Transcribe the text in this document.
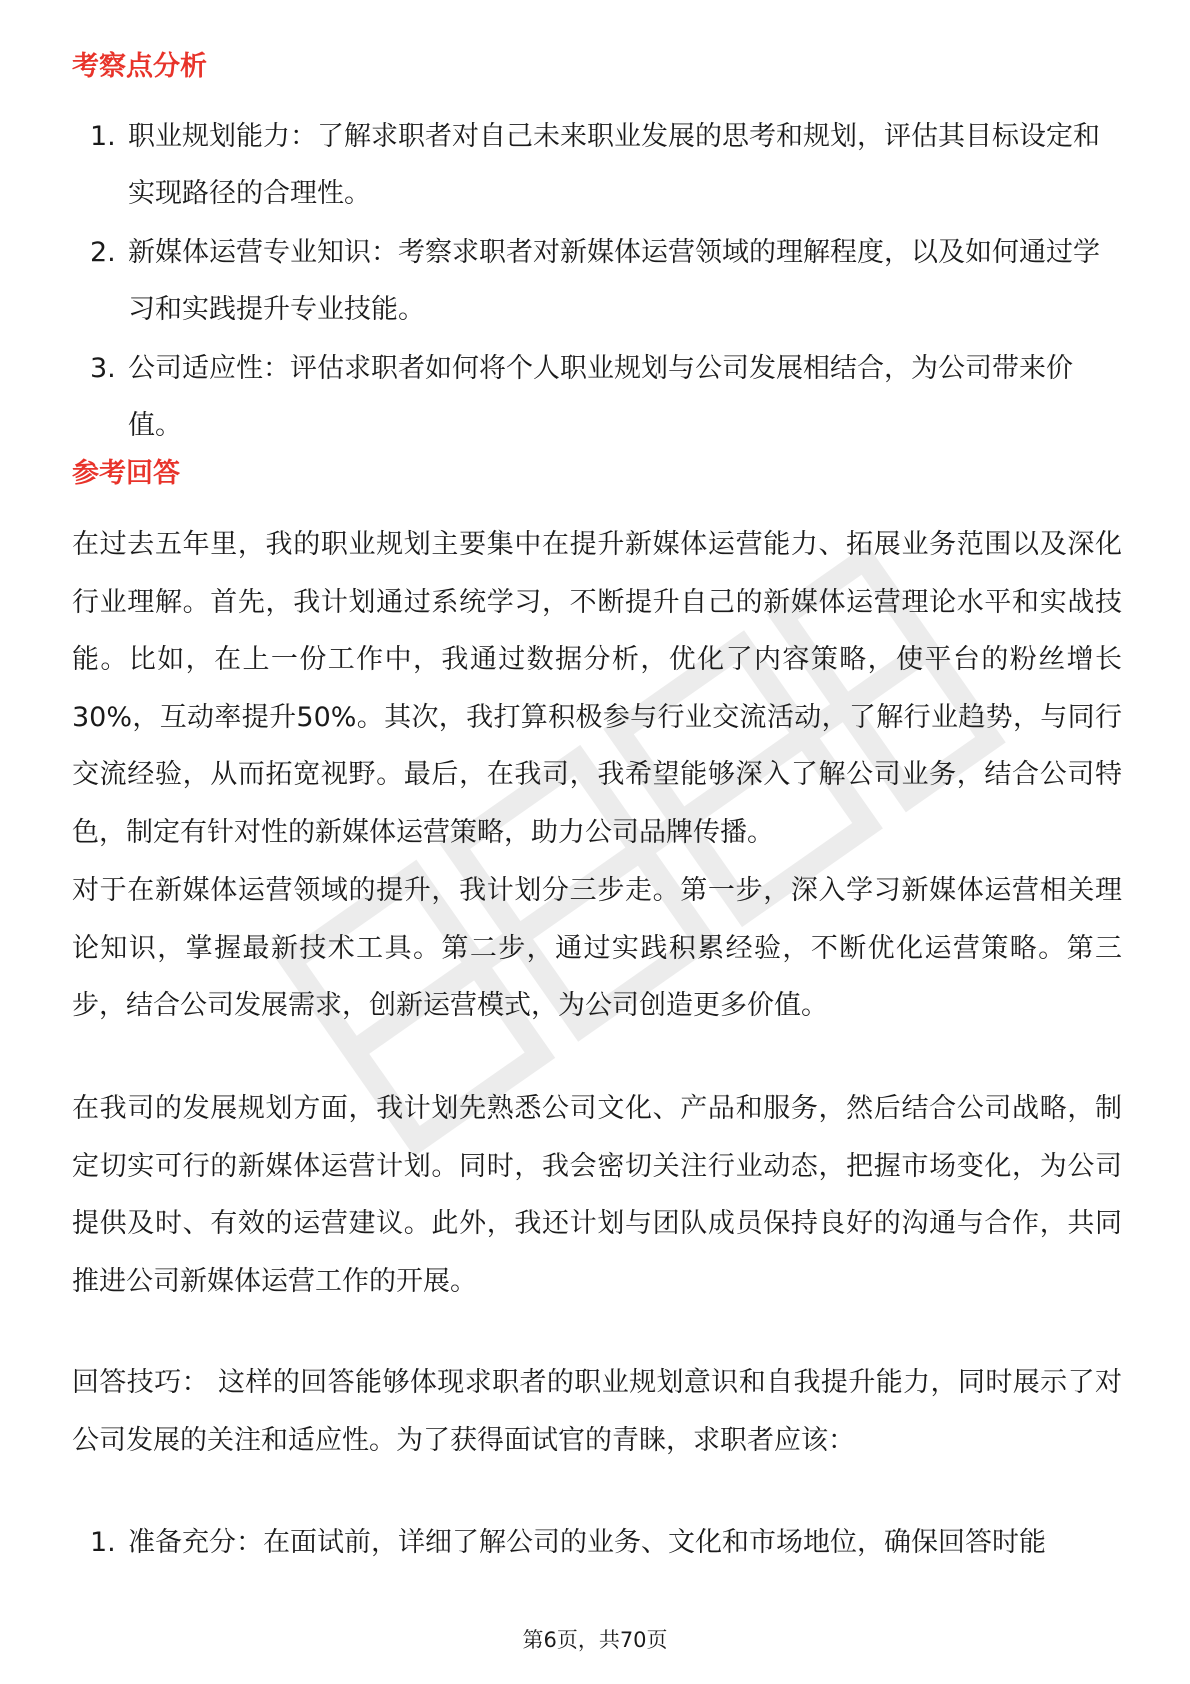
考察点分析
1. 职业规划能力：了解求职者对自己未来职业发展的思考和规划，评估其目标设定和实现路径的合理性。
2. 新媒体运营专业知识：考察求职者对新媒体运营领域的理解程度，以及如何通过学习和实践提升专业技能。
3. 公司适应性：评估求职者如何将个人职业规划与公司发展相结合，为公司带来价值。
参考回答

在过去五年里，我的职业规划主要集中在提升新媒体运营能力、拓展业务范围以及深化行业理解。首先，我计划通过系统学习，不断提升自己的新媒体运营理论水平和实战技能。比如，在上一份工作中，我通过数据分析，优化了内容策略，使平台的粉丝增长30%，互动率提升50%。其次，我打算积极参与行业交流活动，了解行业趋势，与同行交流经验，从而拓宽视野。最后，在我司，我希望能够深入了解公司业务，结合公司特色，制定有针对性的新媒体运营策略，助力公司品牌传播。

对于在新媒体运营领域的提升，我计划分三步走。第一步，深入学习新媒体运营相关理论知识，掌握最新技术工具。第二步，通过实践积累经验，不断优化运营策略。第三步，结合公司发展需求，创新运营模式，为公司创造更多价值。

在我司的发展规划方面，我计划先熟悉公司文化、产品和服务，然后结合公司战略，制定切实可行的新媒体运营计划。同时，我会密切关注行业动态，把握市场变化，为公司提供及时、有效的运营建议。此外，我还计划与团队成员保持良好的沟通与合作，共同推进公司新媒体运营工作的开展。

回答技巧： 这样的回答能够体现求职者的职业规划意识和自我提升能力，同时展示了对公司发展的关注和适应性。为了获得面试官的青睐，求职者应该：

1. 准备充分：在面试前，详细了解公司的业务、文化和市场地位，确保回答时能
第6页，共70页
